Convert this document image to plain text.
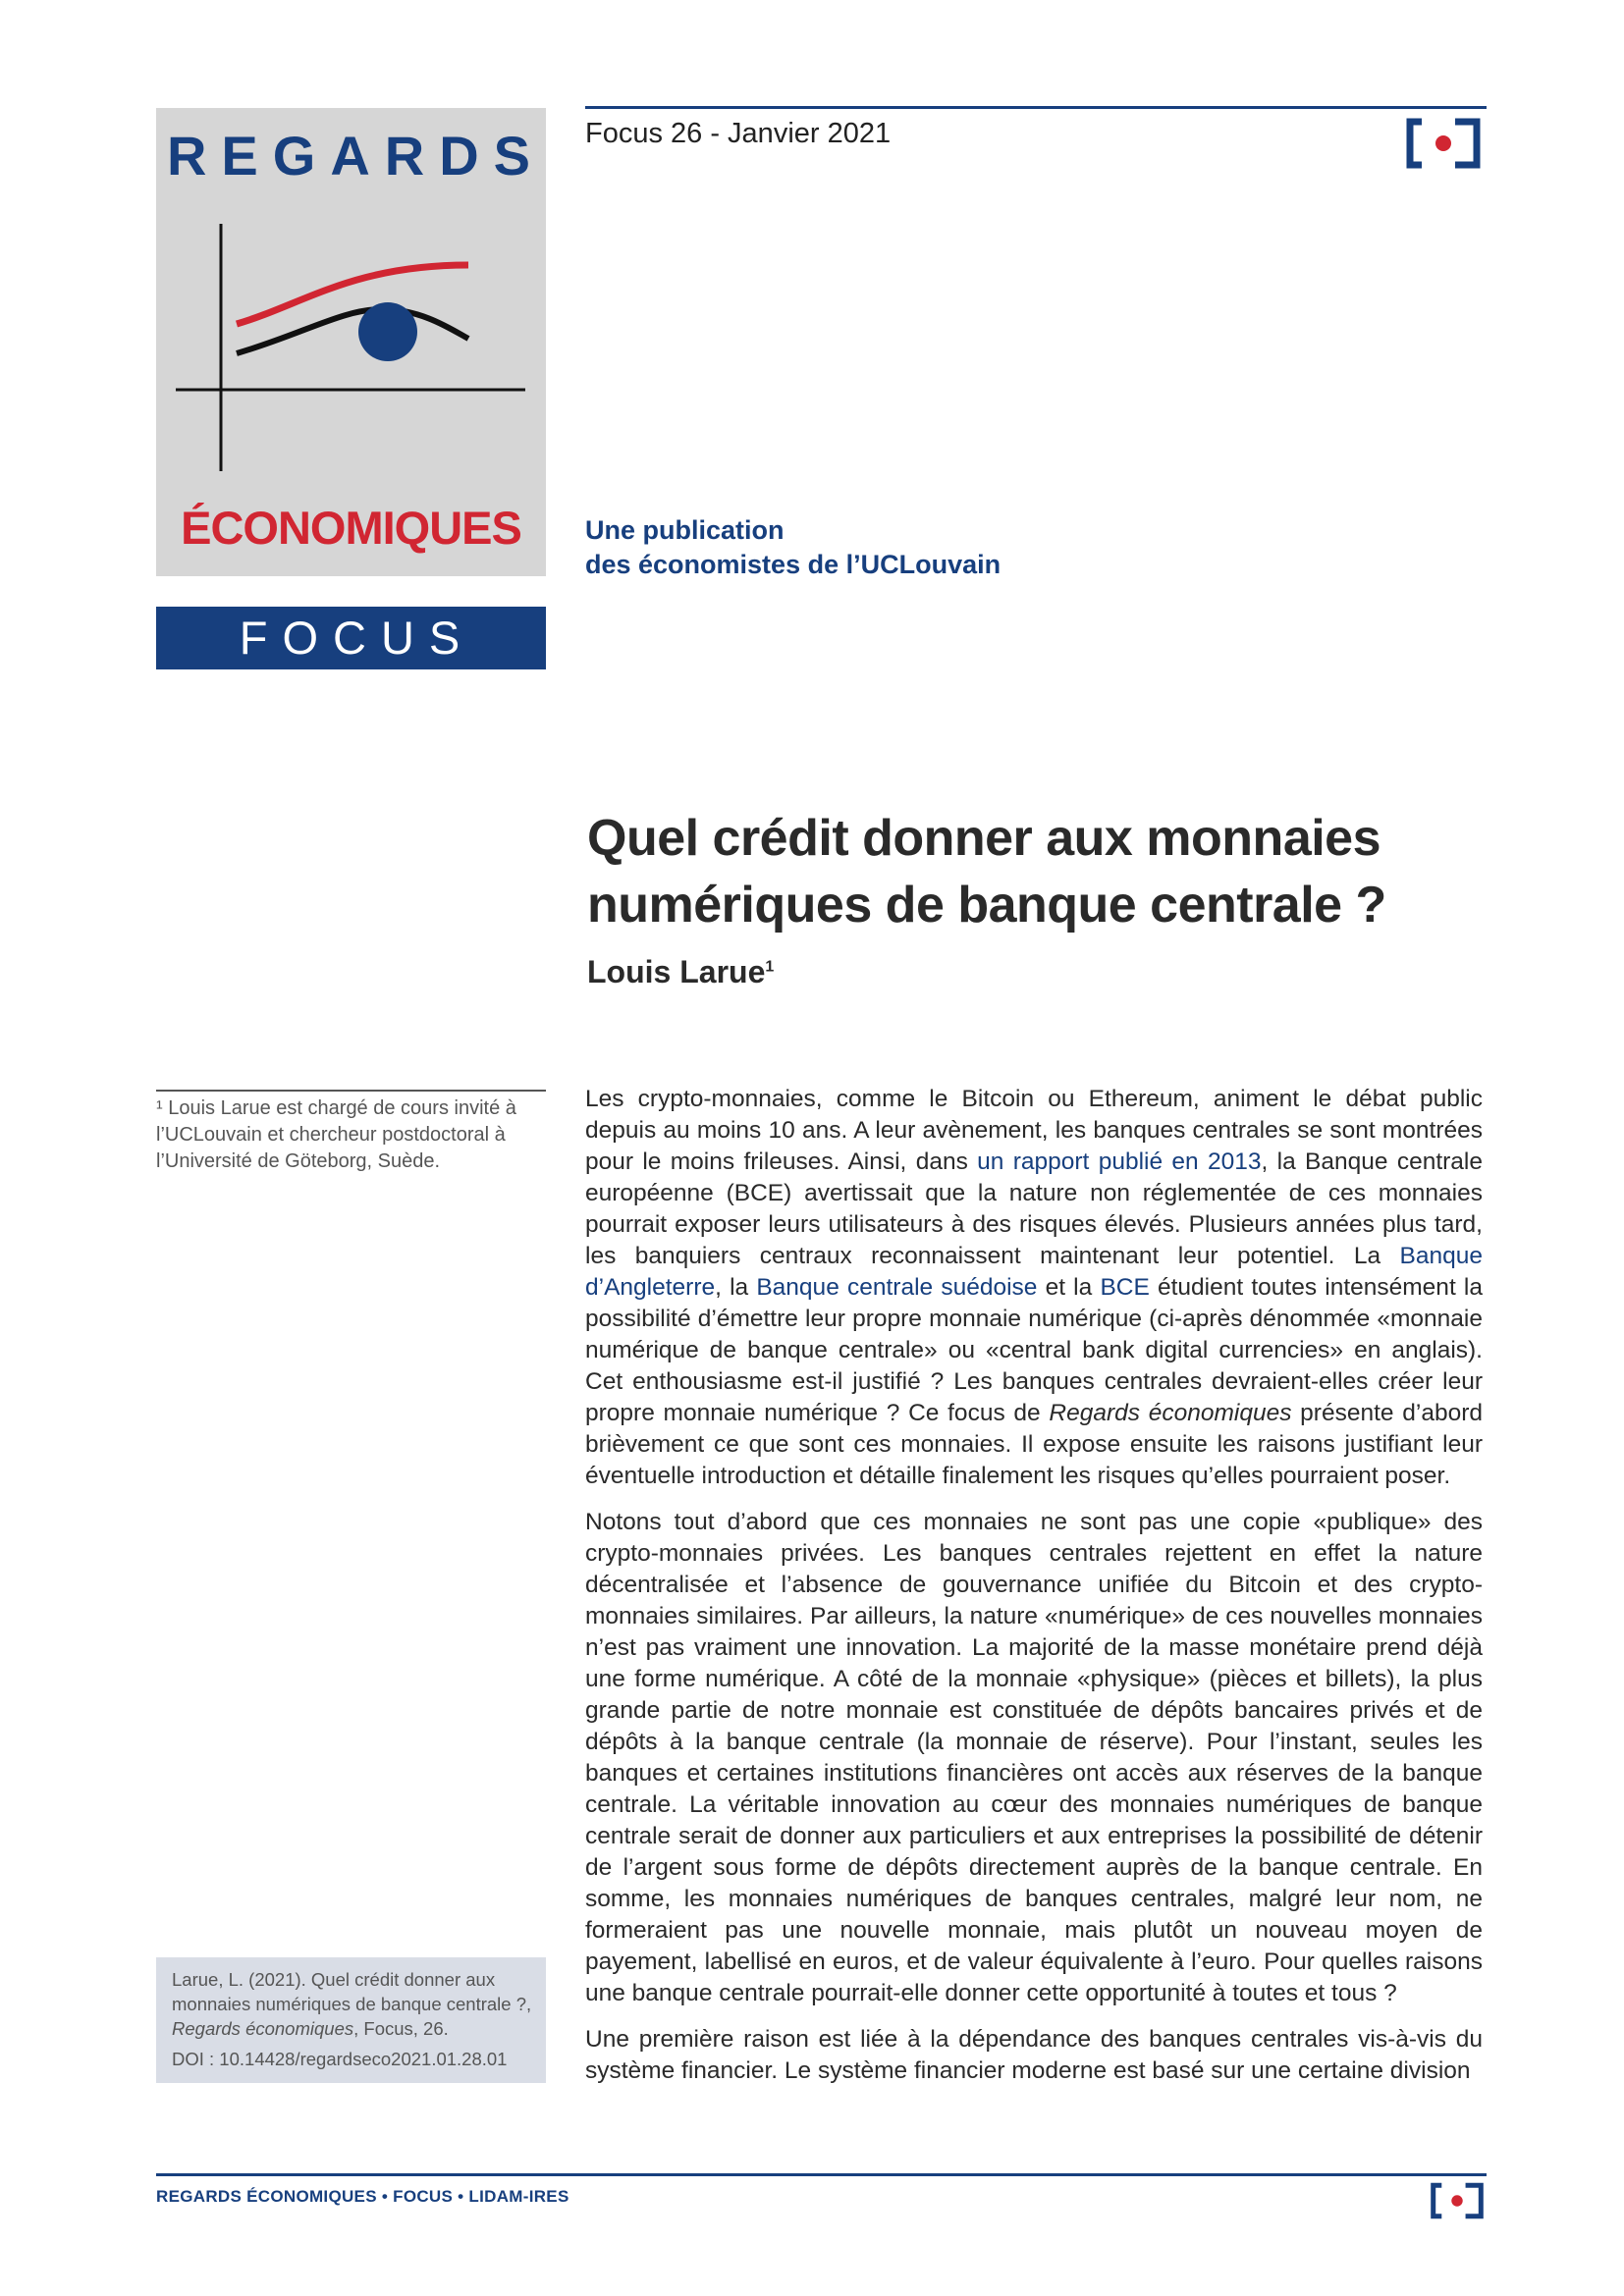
REGARDS
ÉCONOMIQUES
FOCUS
Focus 26 - Janvier 2021
Une publication
des économistes de l’UCLouvain
Quel crédit donner aux monnaies
numériques de banque centrale ?
Louis Larue$^1$
¹ Louis Larue est chargé de cours invité à l’UCLouvain et chercheur postdoctoral à l’Université de Göteborg, Suède.
Larue, L. (2021). Quel crédit donner aux monnaies numériques de banque centrale ?,
Regards économiques, Focus, 26.
DOI : 10.14428/regardseco2021.01.28.01

Les crypto-monnaies, comme le Bitcoin ou Ethereum, animent le débat public depuis au moins 10 ans. A leur avènement, les banques centrales se sont montrées pour le moins frileuses. Ainsi, dans un rapport publié en 2013, la Banque centrale européenne (BCE) avertissait que la nature non réglementée de ces monnaies pourrait exposer leurs utilisateurs à des risques élevés. Plusieurs années plus tard, les banquiers centraux reconnaissent maintenant leur potentiel. La Banque d’Angleterre, la Banque centrale suédoise et la BCE étudient toutes intensément la possibilité d’émettre leur propre monnaie numérique (ci-après dénommée «monnaie numérique de banque centrale» ou «central bank digital currencies» en anglais). Cet enthousiasme est-il justifié ? Les banques centrales devraient-elles créer leur propre monnaie numérique ? Ce focus de Regards économiques présente d’abord brièvement ce que sont ces monnaies. Il expose ensuite les raisons justifiant leur éventuelle introduction et détaille finalement les risques qu’elles pourraient poser.

Notons tout d’abord que ces monnaies ne sont pas une copie «publique» des crypto-monnaies privées. Les banques centrales rejettent en effet la nature décentralisée et l’absence de gouvernance unifiée du Bitcoin et des crypto-monnaies similaires. Par ailleurs, la nature «numérique» de ces nouvelles monnaies n’est pas vraiment une innovation. La majorité de la masse monétaire prend déjà une forme numérique. A côté de la monnaie «physique» (pièces et billets), la plus grande partie de notre monnaie est constituée de dépôts bancaires privés et de dépôts à la banque centrale (la monnaie de réserve). Pour l’instant, seules les banques et certaines institutions financières ont accès aux réserves de la banque centrale. La véritable innovation au cœur des monnaies numériques de banque centrale serait de donner aux particuliers et aux entreprises la possibilité de détenir de l’argent sous forme de dépôts directement auprès de la banque centrale. En somme, les monnaies numériques de banques centrales, malgré leur nom, ne formeraient pas une nouvelle monnaie, mais plutôt un nouveau moyen de payement, labellisé en euros, et de valeur équivalente à l’euro. Pour quelles raisons une banque centrale pourrait-elle donner cette opportunité à toutes et tous ?

Une première raison est liée à la dépendance des banques centrales vis-à-vis du système financier. Le système financier moderne est basé sur une certaine division

REGARDS ÉCONOMIQUES • FOCUS • LIDAM-IRES
